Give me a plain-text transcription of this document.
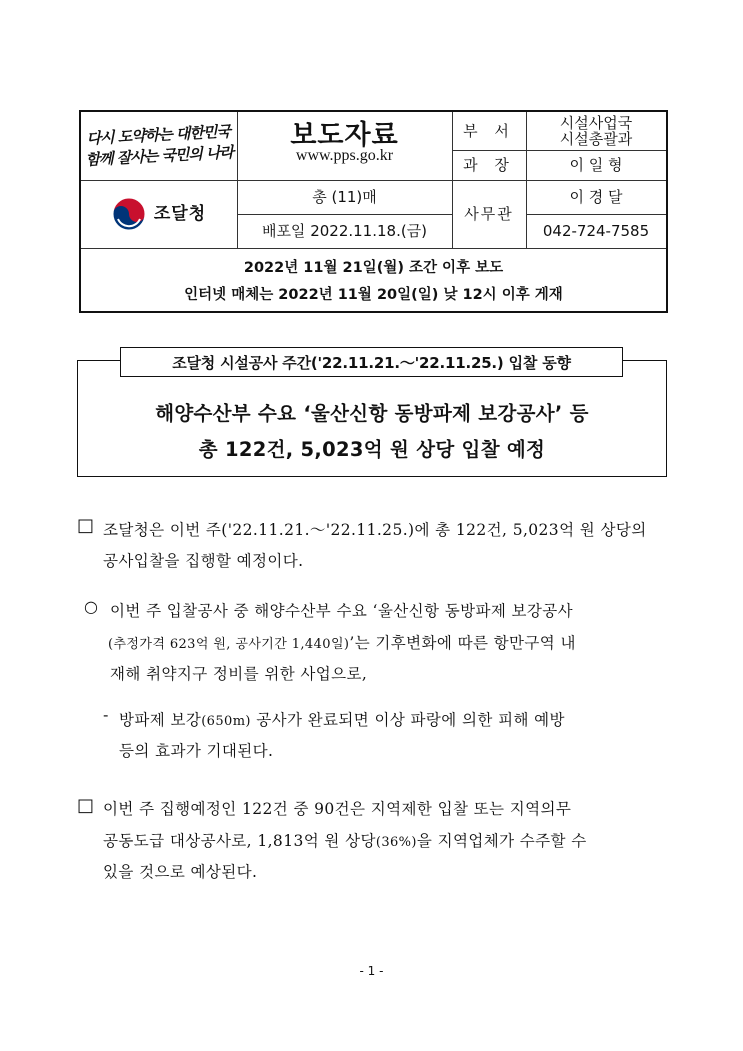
다시 도약하는 대한민국
함께 잘사는 국민의 나라
보도자료
www.pps.go.kr
부 서	시설사업국
시설총괄과
과 장	이 일 형
조달청
총 (11)매
배포일 2022.11.18.(금)
사무관
이 경 달
042-724-7585
2022년 11월 21일(월) 조간 이후 보도
인터넷 매체는 2022년 11월 20일(일) 낮 12시 이후 게재
조달청 시설공사 주간('22.11.21.～'22.11.25.) 입찰 동향
해양수산부 수요 ‘울산신항 동방파제 보강공사’ 등
총 122건, 5,023억 원 상당 입찰 예정
□ 조달청은 이번 주('22.11.21.～'22.11.25.)에 총 122건, 5,023억 원 상당의
공사입찰을 집행할 예정이다.
○ 이번 주 입찰공사 중 해양수산부 수요 ‘울산신항 동방파제 보강공사
(추정가격 623억 원, 공사기간 1,440일)’는 기후변화에 따른 항만구역 내
재해 취약지구 정비를 위한 사업으로,
- 방파제 보강(650m) 공사가 완료되면 이상 파랑에 의한 피해 예방
등의 효과가 기대된다.
□ 이번 주 집행예정인 122건 중 90건은 지역제한 입찰 또는 지역의무
공동도급 대상공사로, 1,813억 원 상당(36%)을 지역업체가 수주할 수
있을 것으로 예상된다.
- 1 -
